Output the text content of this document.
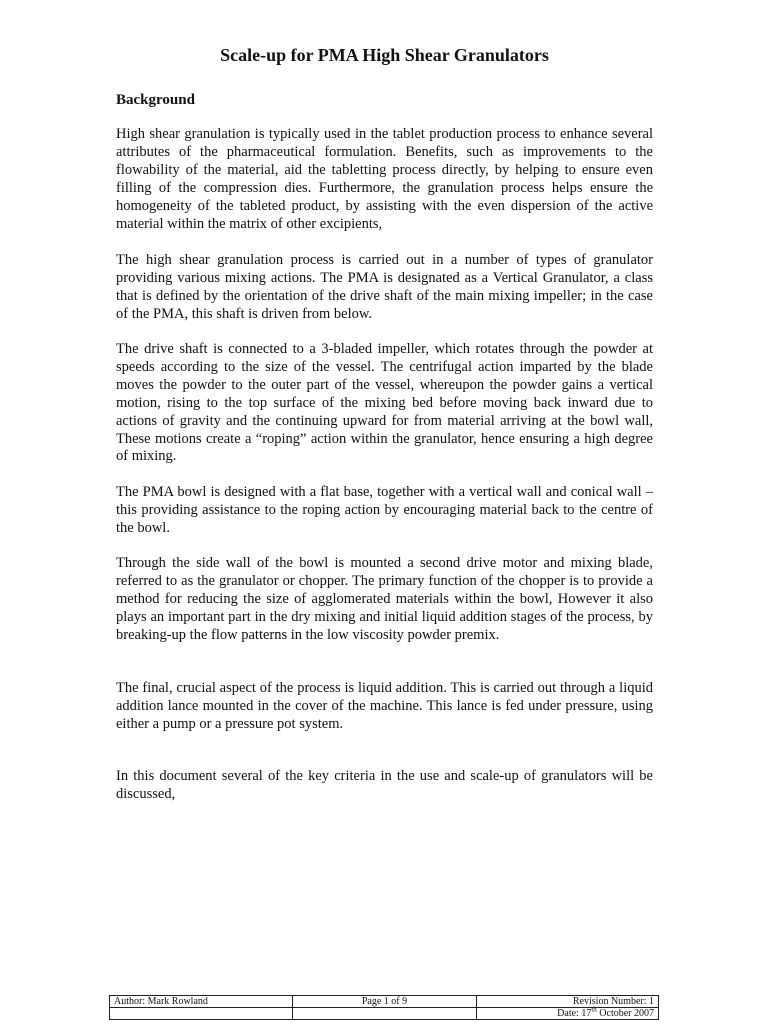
Scale-up for PMA High Shear Granulators
Background

High shear granulation is typically used in the tablet production process to enhance several attributes of the pharmaceutical formulation. Benefits, such as improvements to the flowability of the material, aid the tabletting process directly, by helping to ensure even filling of the compression dies. Furthermore, the granulation process helps ensure the homogeneity of the tableted product, by assisting with the even dispersion of the active material within the matrix of other excipients,

The high shear granulation process is carried out in a number of types of granulator providing various mixing actions. The PMA is designated as a Vertical Granulator, a class that is defined by the orientation of the drive shaft of the main mixing impeller; in the case of the PMA, this shaft is driven from below.

The drive shaft is connected to a 3-bladed impeller, which rotates through the powder at speeds according to the size of the vessel. The centrifugal action imparted by the blade moves the powder to the outer part of the vessel, whereupon the powder gains a vertical motion, rising to the top surface of the mixing bed before moving back inward due to actions of gravity and the continuing upward for from material arriving at the bowl wall, These motions create a “roping” action within the granulator, hence ensuring a high degree of mixing.

The PMA bowl is designed with a flat base, together with a vertical wall and conical wall – this providing assistance to the roping action by encouraging material back to the centre of the bowl.

Through the side wall of the bowl is mounted a second drive motor and mixing blade, referred to as the granulator or chopper. The primary function of the chopper is to provide a method for reducing the size of agglomerated materials within the bowl, However it also plays an important part in the dry mixing and initial liquid addition stages of the process, by breaking-up the flow patterns in the low viscosity powder premix.

The final, crucial aspect of the process is liquid addition. This is carried out through a liquid addition lance mounted in the cover of the machine. This lance is fed under pressure, using either a pump or a pressure pot system.

In this document several of the key criteria in the use and scale-up of granulators will be discussed,

Author: Mark Rowland	Page 1 of 9	Revision Number: 1
		Date: 17th October 2007
